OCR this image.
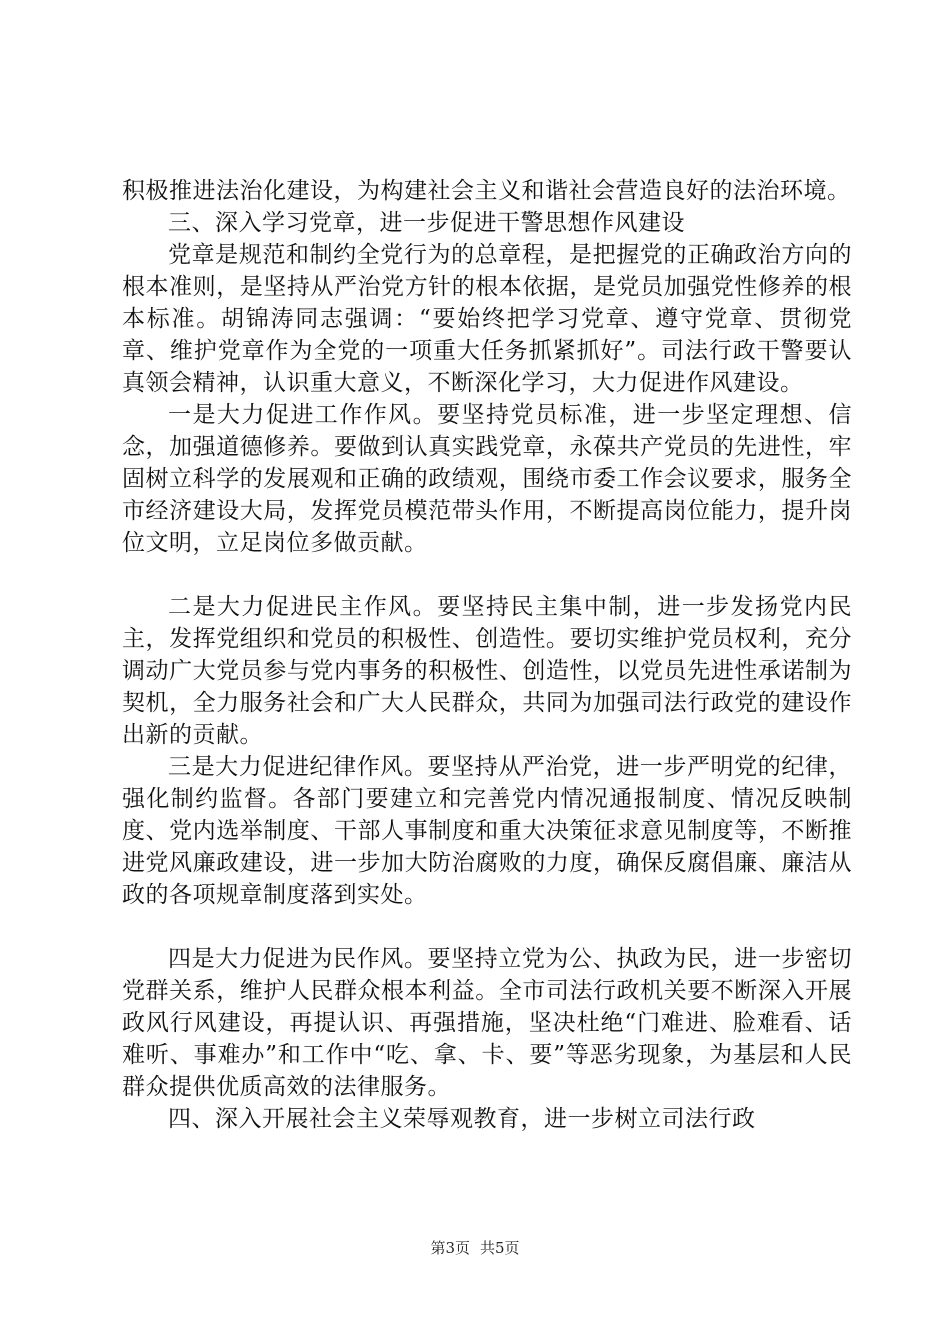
积极推进法治化建设，为构建社会主义和谐社会营造良好的法治环境。

三、深入学习党章，进一步促进干警思想作风建设

党章是规范和制约全党行为的总章程，是把握党的正确政治方向的根本准则，是坚持从严治党方针的根本依据，是党员加强党性修养的根本标准。胡锦涛同志强调：“要始终把学习党章、遵守党章、贯彻党章、维护党章作为全党的一项重大任务抓紧抓好”。司法行政干警要认真领会精神，认识重大意义，不断深化学习，大力促进作风建设。

一是大力促进工作作风。要坚持党员标准，进一步坚定理想、信念，加强道德修养。要做到认真实践党章，永葆共产党员的先进性，牢固树立科学的发展观和正确的政绩观，围绕市委工作会议要求，服务全市经济建设大局，发挥党员模范带头作用，不断提高岗位能力，提升岗位文明，立足岗位多做贡献。

二是大力促进民主作风。要坚持民主集中制，进一步发扬党内民主，发挥党组织和党员的积极性、创造性。要切实维护党员权利，充分调动广大党员参与党内事务的积极性、创造性，以党员先进性承诺制为契机，全力服务社会和广大人民群众，共同为加强司法行政党的建设作出新的贡献。

三是大力促进纪律作风。要坚持从严治党，进一步严明党的纪律，强化制约监督。各部门要建立和完善党内情况通报制度、情况反映制度、党内选举制度、干部人事制度和重大决策征求意见制度等，不断推进党风廉政建设，进一步加大防治腐败的力度，确保反腐倡廉、廉洁从政的各项规章制度落到实处。

四是大力促进为民作风。要坚持立党为公、执政为民，进一步密切党群关系，维护人民群众根本利益。全市司法行政机关要不断深入开展政风行风建设，再提认识、再强措施，坚决杜绝“门难进、脸难看、话难听、事难办”和工作中“吃、拿、卡、要”等恶劣现象，为基层和人民群众提供优质高效的法律服务。

四、深入开展社会主义荣辱观教育，进一步树立司法行政

第3页 共5页
